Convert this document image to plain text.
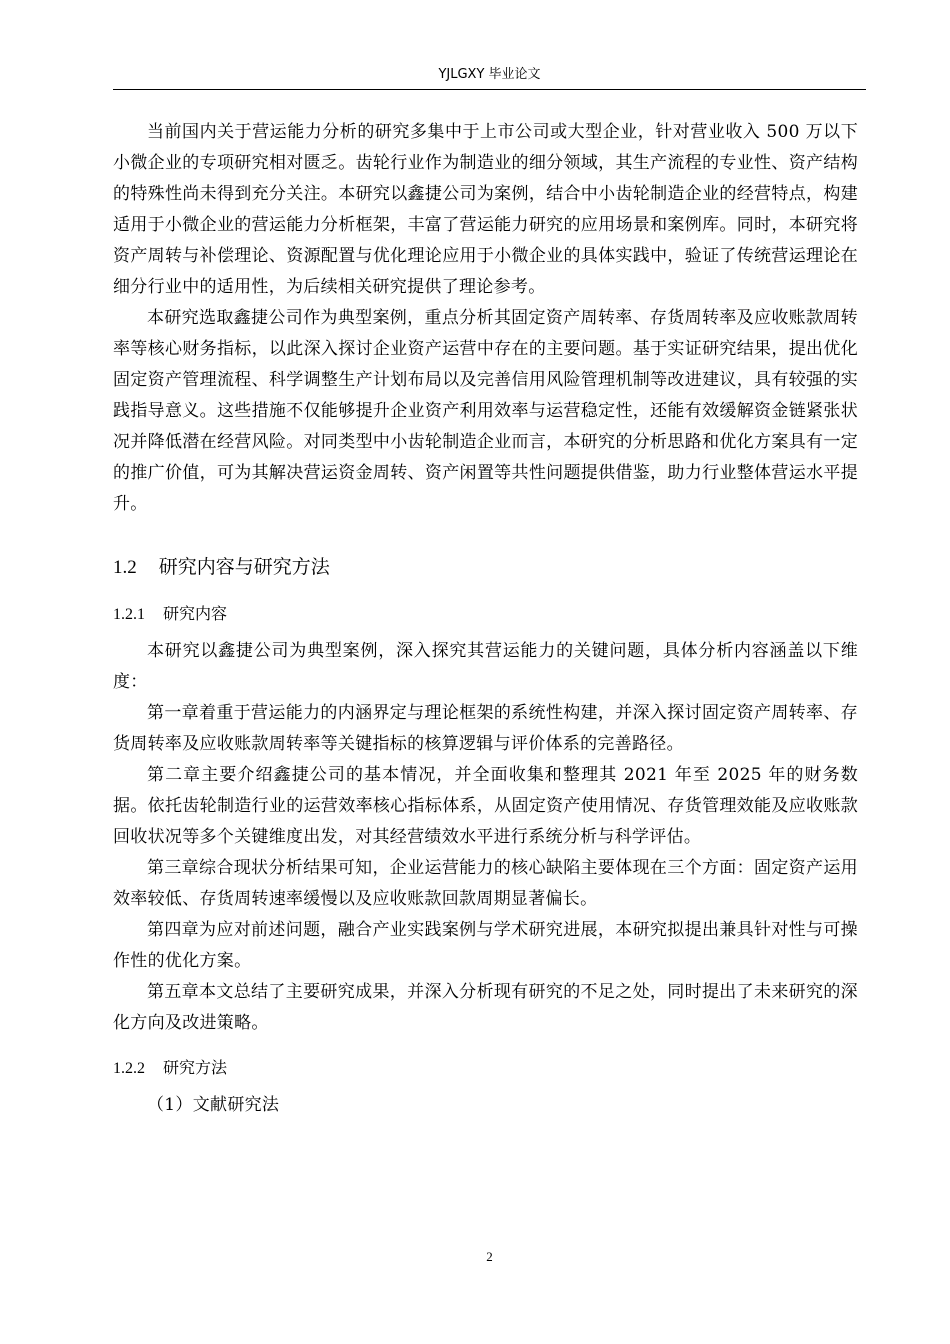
YJLGXY 毕业论文

当前国内关于营运能力分析的研究多集中于上市公司或大型企业，针对营业收入 500 万以下小微企业的专项研究相对匮乏。齿轮行业作为制造业的细分领域，其生产流程的专业性、资产结构的特殊性尚未得到充分关注。本研究以鑫捷公司为案例，结合中小齿轮制造企业的经营特点，构建适用于小微企业的营运能力分析框架，丰富了营运能力研究的应用场景和案例库。同时，本研究将资产周转与补偿理论、资源配置与优化理论应用于小微企业的具体实践中，验证了传统营运理论在细分行业中的适用性，为后续相关研究提供了理论参考。

本研究选取鑫捷公司作为典型案例，重点分析其固定资产周转率、存货周转率及应收账款周转率等核心财务指标，以此深入探讨企业资产运营中存在的主要问题。基于实证研究结果，提出优化固定资产管理流程、科学调整生产计划布局以及完善信用风险管理机制等改进建议，具有较强的实践指导意义。这些措施不仅能够提升企业资产利用效率与运营稳定性，还能有效缓解资金链紧张状况并降低潜在经营风险。对同类型中小齿轮制造企业而言，本研究的分析思路和优化方案具有一定的推广价值，可为其解决营运资金周转、资产闲置等共性问题提供借鉴，助力行业整体营运水平提升。

1.2 研究内容与研究方法
1.2.1 研究内容

本研究以鑫捷公司为典型案例，深入探究其营运能力的关键问题，具体分析内容涵盖以下维度：

第一章着重于营运能力的内涵界定与理论框架的系统性构建，并深入探讨固定资产周转率、存货周转率及应收账款周转率等关键指标的核算逻辑与评价体系的完善路径。

第二章主要介绍鑫捷公司的基本情况，并全面收集和整理其 2021 年至 2025 年的财务数据。依托齿轮制造行业的运营效率核心指标体系，从固定资产使用情况、存货管理效能及应收账款回收状况等多个关键维度出发，对其经营绩效水平进行系统分析与科学评估。

第三章综合现状分析结果可知，企业运营能力的核心缺陷主要体现在三个方面：固定资产运用效率较低、存货周转速率缓慢以及应收账款回款周期显著偏长。

第四章为应对前述问题，融合产业实践案例与学术研究进展，本研究拟提出兼具针对性与可操作性的优化方案。

第五章本文总结了主要研究成果，并深入分析现有研究的不足之处，同时提出了未来研究的深化方向及改进策略。

1.2.2 研究方法

（1）文献研究法

2
